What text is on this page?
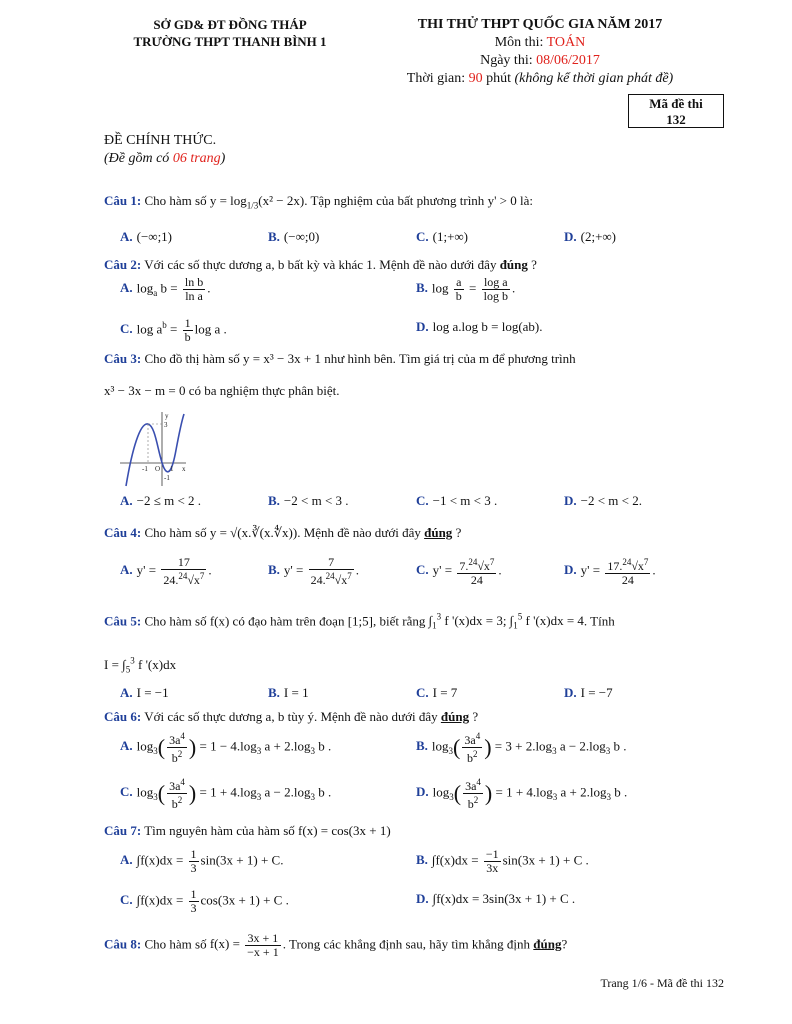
SỞ GD& ĐT ĐỒNG THÁP
TRƯỜNG THPT THANH BÌNH 1
THI THỬ THPT QUỐC GIA NĂM 2017
Môn thi: TOÁN
Ngày thi: 08/06/2017
Thời gian: 90 phút (không kể thời gian phát đề)
Mã đề thi
132
ĐỀ CHÍNH THỨC.
(Đề gồm có 06 trang)
Câu 1: Cho hàm số $y = \log_{1/3}(x^2 - 2x)$. Tập nghiệm của bất phương trình y' > 0 là:
A. (−∞;1)	B. (−∞;0)	C. (1;+∞)	D. (2;+∞)
Câu 2: Với các số thực dương a, b bất kỳ và khác 1. Mệnh đề nào dưới đây đúng ?
A. $\log_a b = \frac{\text{ln b}}{\text{ln a}}$ .	B. $\log \frac{a}{b} = \frac{\text{log a}}{\text{log b}}$ .
C. $\log a^b = \frac{1}{b}$ log a .	D. log a.log b = log(ab).
Câu 3: Cho đồ thị hàm số y = x³ − 3x + 1 như hình bên. Tìm giá trị của m để phương trình
x³ − 3x − m = 0 có ba nghiệm thực phân biệt.
y
3
-1 O 1 x
-1
A. −2 ≤ m < 2 .	B. −2 < m < 3 .	C. −1 < m < 3 .	D. −2 < m < 2.
Câu 4: Cho hàm số y = √(x.∛(x.∜x)). Mệnh đề nào dưới đây đúng ?
A. $y' = \frac{17}{24.^{24}√x^7}$ .	B. $y' = \frac{7}{24.^{24}√x^7}$ .	C. $y' = \frac{7.^{24}√x^7}{24}$ .	D. $y' = \frac{17.^{24}√x^7}{24}$ .
Câu 5: Cho hàm số f(x) có đạo hàm trên đoạn [1;5], biết rằng $\int_1^3$ f '(x)dx = 3; $\int_1^5$ f '(x)dx = 4. Tính
$I = \int_5^3$ f '(x)dx
A. I = −1	B. I = 1	C. I = 7	D. I = −7
Câu 6: Với các số thực dương a, b tùy ý. Mệnh đề nào dưới đây đúng ?
A. $\log_3( \frac{3a^4}{b^2}$ ) = $1 - 4.\log_3$ $a + 2.\log_3$ b .	B. $\log_3( \frac{3a^4}{b^2}$ ) = $3 + 2.\log_3$ $a - 2.\log_3$ b .
C. $\log_3( \frac{3a^4}{b^2}$ ) = $1 + 4.\log_3$ $a - 2.\log_3$ b .	D. $\log_3( \frac{3a^4}{b^2}$ ) = $1 + 4.\log_3$ $a + 2.\log_3$ b .
Câu 7: Tìm nguyên hàm của hàm số f(x) = cos(3x + 1)
A. $\int f(x)dx = \frac{1}{3} \sin(3x + 1) + C$.	B. $\int f(x)dx = \frac{-1}{3x} \sin(3x + 1) + C$ .
C. $\int f(x)dx = \frac{1}{3} \cos(3x + 1) + C$ .	D. ∫f(x)dx = 3sin(3x + 1) + C .
Câu 8: Cho hàm số $f(x) = \frac{3x + 1}{-x + 1}$ . Trong các khẳng định sau, hãy tìm khẳng định đúng?
Trang 1/6 - Mã đề thi 132
